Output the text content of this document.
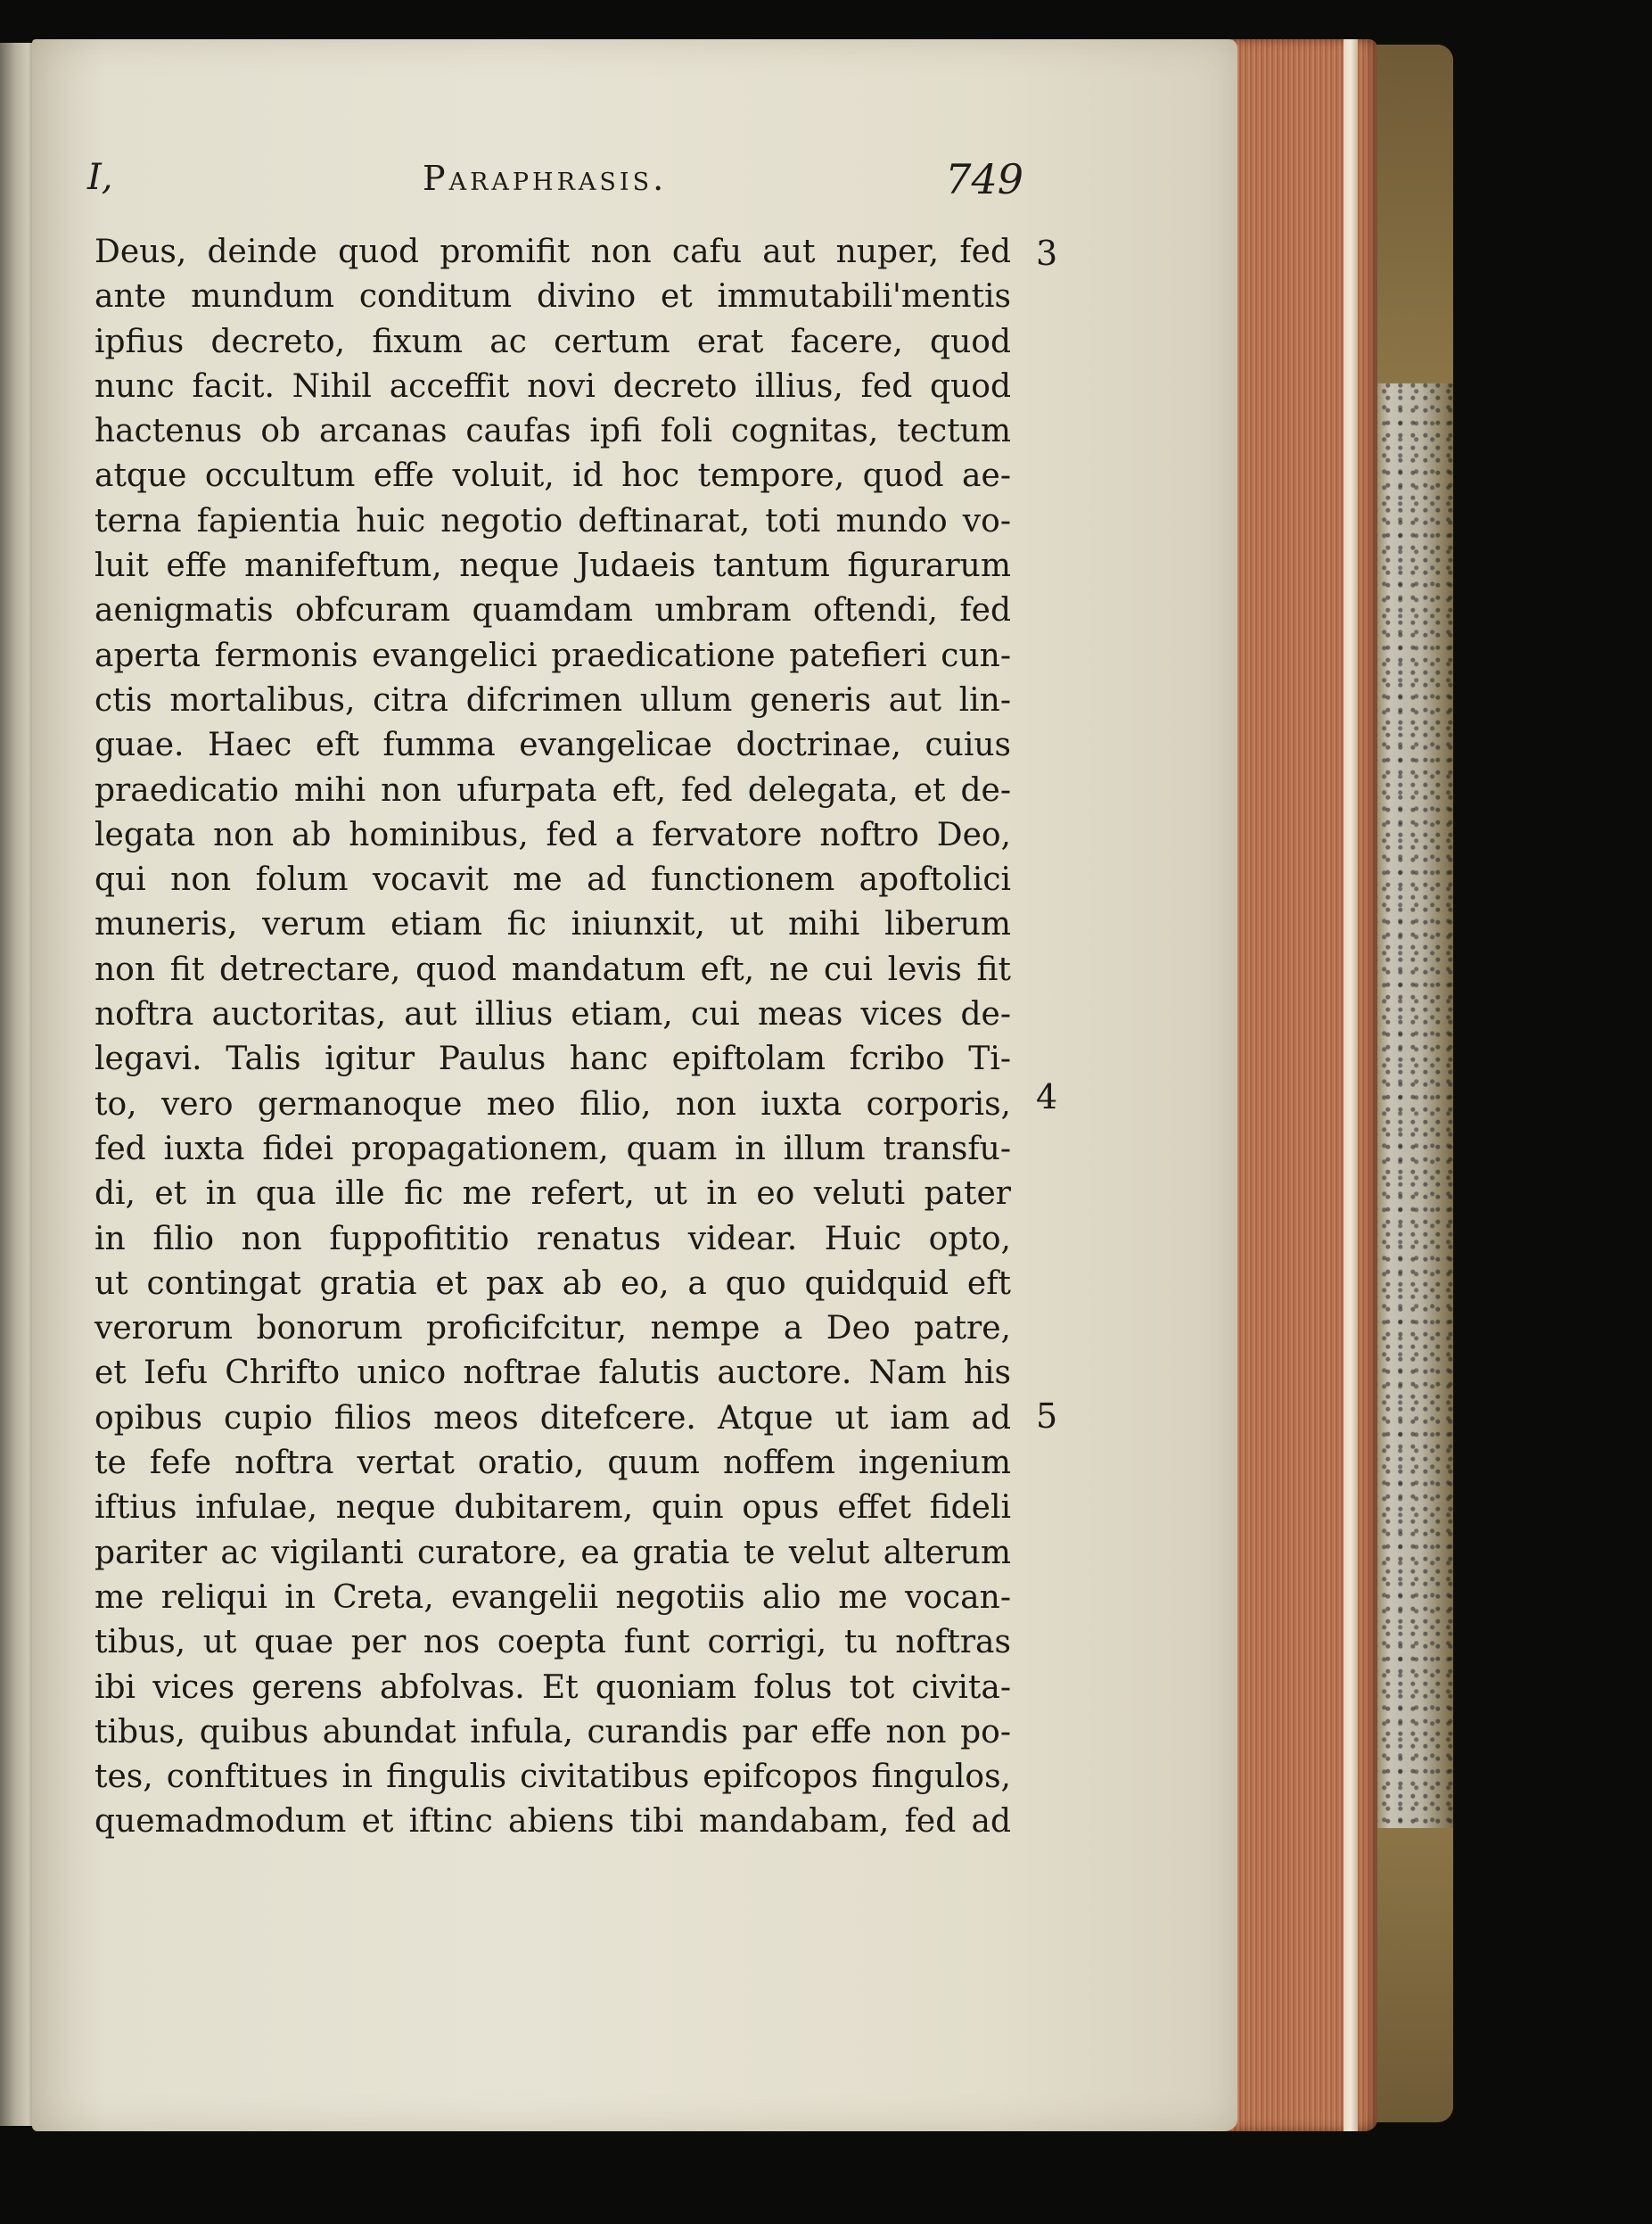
I,	Paraphrasis.	749
Deus, deinde quod promifit non cafu aut nuper, fed
ante mundum conditum divino et immutabili'mentis
ipfius decreto, fixum ac certum erat facere, quod
nunc facit. Nihil acceffit novi decreto illius, fed quod
hactenus ob arcanas caufas ipfi foli cognitas, tectum
atque occultum effe voluit, id hoc tempore, quod ae-
terna fapientia huic negotio deftinarat, toti mundo vo-
luit effe manifeftum, neque Judaeis tantum figurarum
aenigmatis obfcuram quamdam umbram oftendi, fed
aperta fermonis evangelici praedicatione patefieri cun-
ctis mortalibus, citra difcrimen ullum generis aut lin-
guae. Haec eft fumma evangelicae doctrinae, cuius
praedicatio mihi non ufurpata eft, fed delegata, et de-
legata non ab hominibus, fed a fervatore noftro Deo,
qui non folum vocavit me ad functionem apoftolici
muneris, verum etiam fic iniunxit, ut mihi liberum
non fit detrectare, quod mandatum eft, ne cui levis fit
noftra auctoritas, aut illius etiam, cui meas vices de-
legavi. Talis igitur Paulus hanc epiftolam fcribo Ti-
to, vero germanoque meo filio, non iuxta corporis,
fed iuxta fidei propagationem, quam in illum transfu-
di, et in qua ille fic me refert, ut in eo veluti pater
in filio non fuppofititio renatus videar. Huic opto,
ut contingat gratia et pax ab eo, a quo quidquid eft
verorum bonorum proficifcitur, nempe a Deo patre,
et Iefu Chrifto unico noftrae falutis auctore. Nam his
opibus cupio filios meos ditefcere. Atque ut iam ad
te fefe noftra vertat oratio, quum noffem ingenium
iftius infulae, neque dubitarem, quin opus effet fideli
pariter ac vigilanti curatore, ea gratia te velut alterum
me reliqui in Creta, evangelii negotiis alio me vocan-
tibus, ut quae per nos coepta funt corrigi, tu noftras
ibi vices gerens abfolvas. Et quoniam folus tot civita-
tibus, quibus abundat infula, curandis par effe non po-
tes, conftitues in fingulis civitatibus epifcopos fingulos,
quemadmodum et iftinc abiens tibi mandabam, fed ad
3
4
5
